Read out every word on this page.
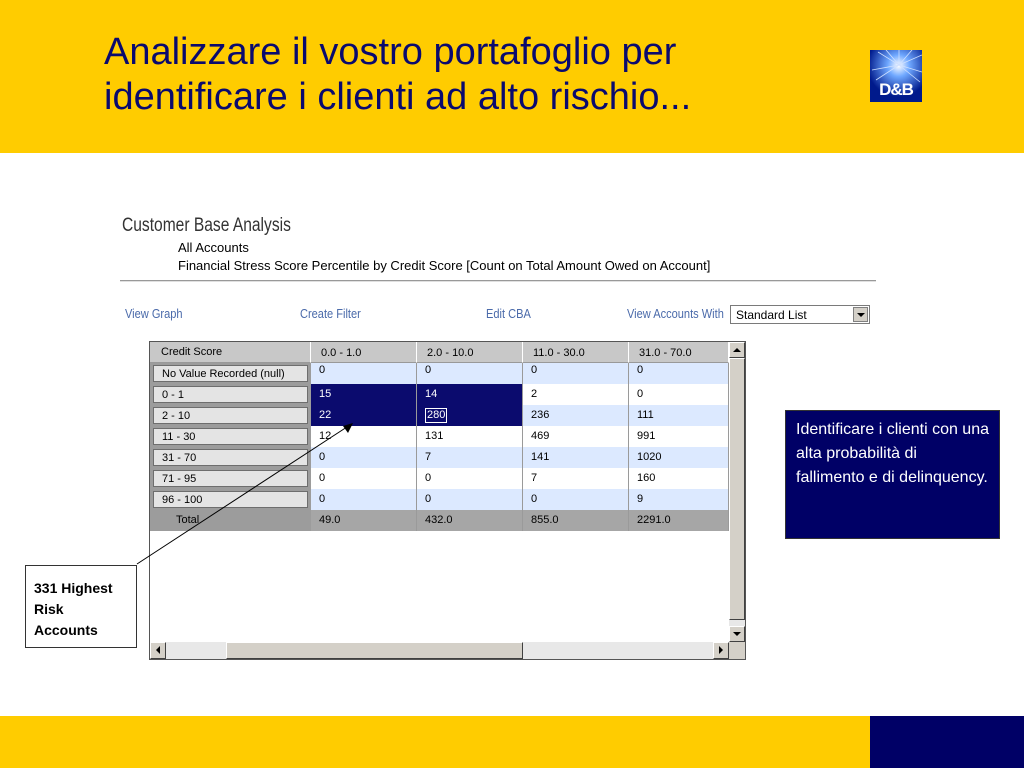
Analizzare il vostro portafoglio per
identificare i clienti ad alto rischio...	D&B
Customer Base Analysis
All Accounts
Financial Stress Score Percentile by Credit Score [Count on Total Amount Owed on Account]
View Graph	Create Filter	Edit CBA	View Accounts With Standard List
Credit Score	0.0 - 1.0	2.0 - 10.0	11.0 - 30.0	31.0 - 70.0
No Value Recorded (null)	0	0	0	0
0 - 1	15	14	2	0
2 - 10	22	280	236	111
11 - 30	12	131	469	991
31 - 70	0	7	141	1020
71 - 95	0	0	7	160
96 - 100	0	0	0	9
Total	49.0	432.0	855.0	2291.0
Identificare i clienti con una alta probabilità di fallimento e di delinquency.
331 Highest Risk Accounts
